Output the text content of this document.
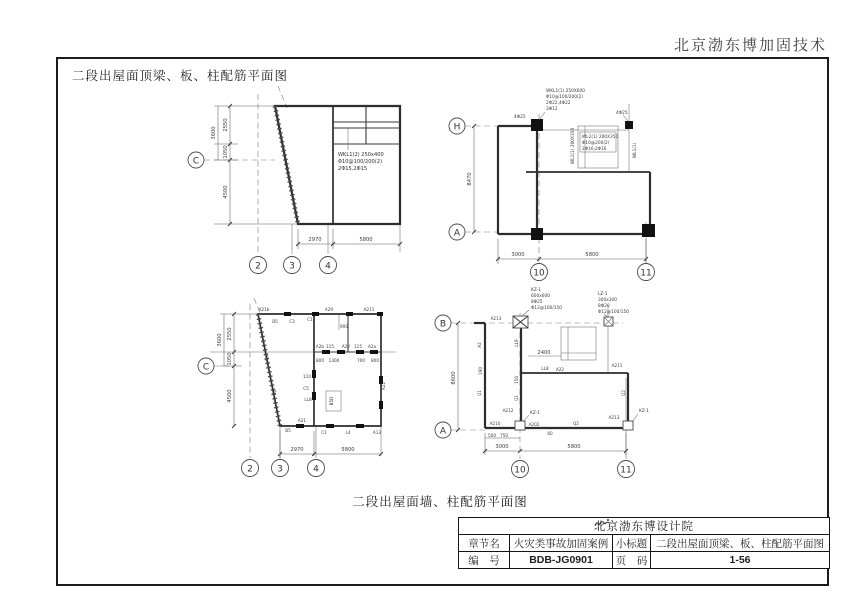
北京渤东博加固技术
二段出屋面顶梁、板、柱配筋平面图
二段出屋面墙、柱配筋平面图
2550
3600
1050
4500
2970	5800
WKL1(2) 250x400
Φ10@100/200(2)
2Φ15,2Φ15
C
2	3	4
8470
3000	5800
WKL1(1) 250X600
Φ10@100/200(2)
2Φ22,4Φ22
3Φ12
4Φ25
4Φ25
WL2(1) 200X350
Φ10@200(2)
2Φ16,2Φ16
WL1(1) 200X350	WL1(1)
H
A
10	11
2550
3600
1050
4500
2970	5800
A21b
B5	C3	C1
A29	A211
900
A2b 115 A22 115 A2a
800 1300	700 800
110
C5
LL8	B5D
A22
Q4
C4
A21
C1	L4	A13
B5
C
2	3	4
8600
3000	5800
2400
KZ-1
600x600
8Φ25
Φ12@100/150
LZ-1
300x300
8Φ20
Φ12@100/150
KZ-1	KZ-1
A213
A2
190
Q1
LL9
150
Q1
A212
A210	A202
60
A211
Q2
LL8 A22
500 750
A213
Q2
B
A
10	11
北京渤东博设计院			
章节名	火灾类事故加固案例	小标题	二段出屋面顶梁、板、柱配筋平面图
编　号	BDB-JG0901	页　码	1-56
